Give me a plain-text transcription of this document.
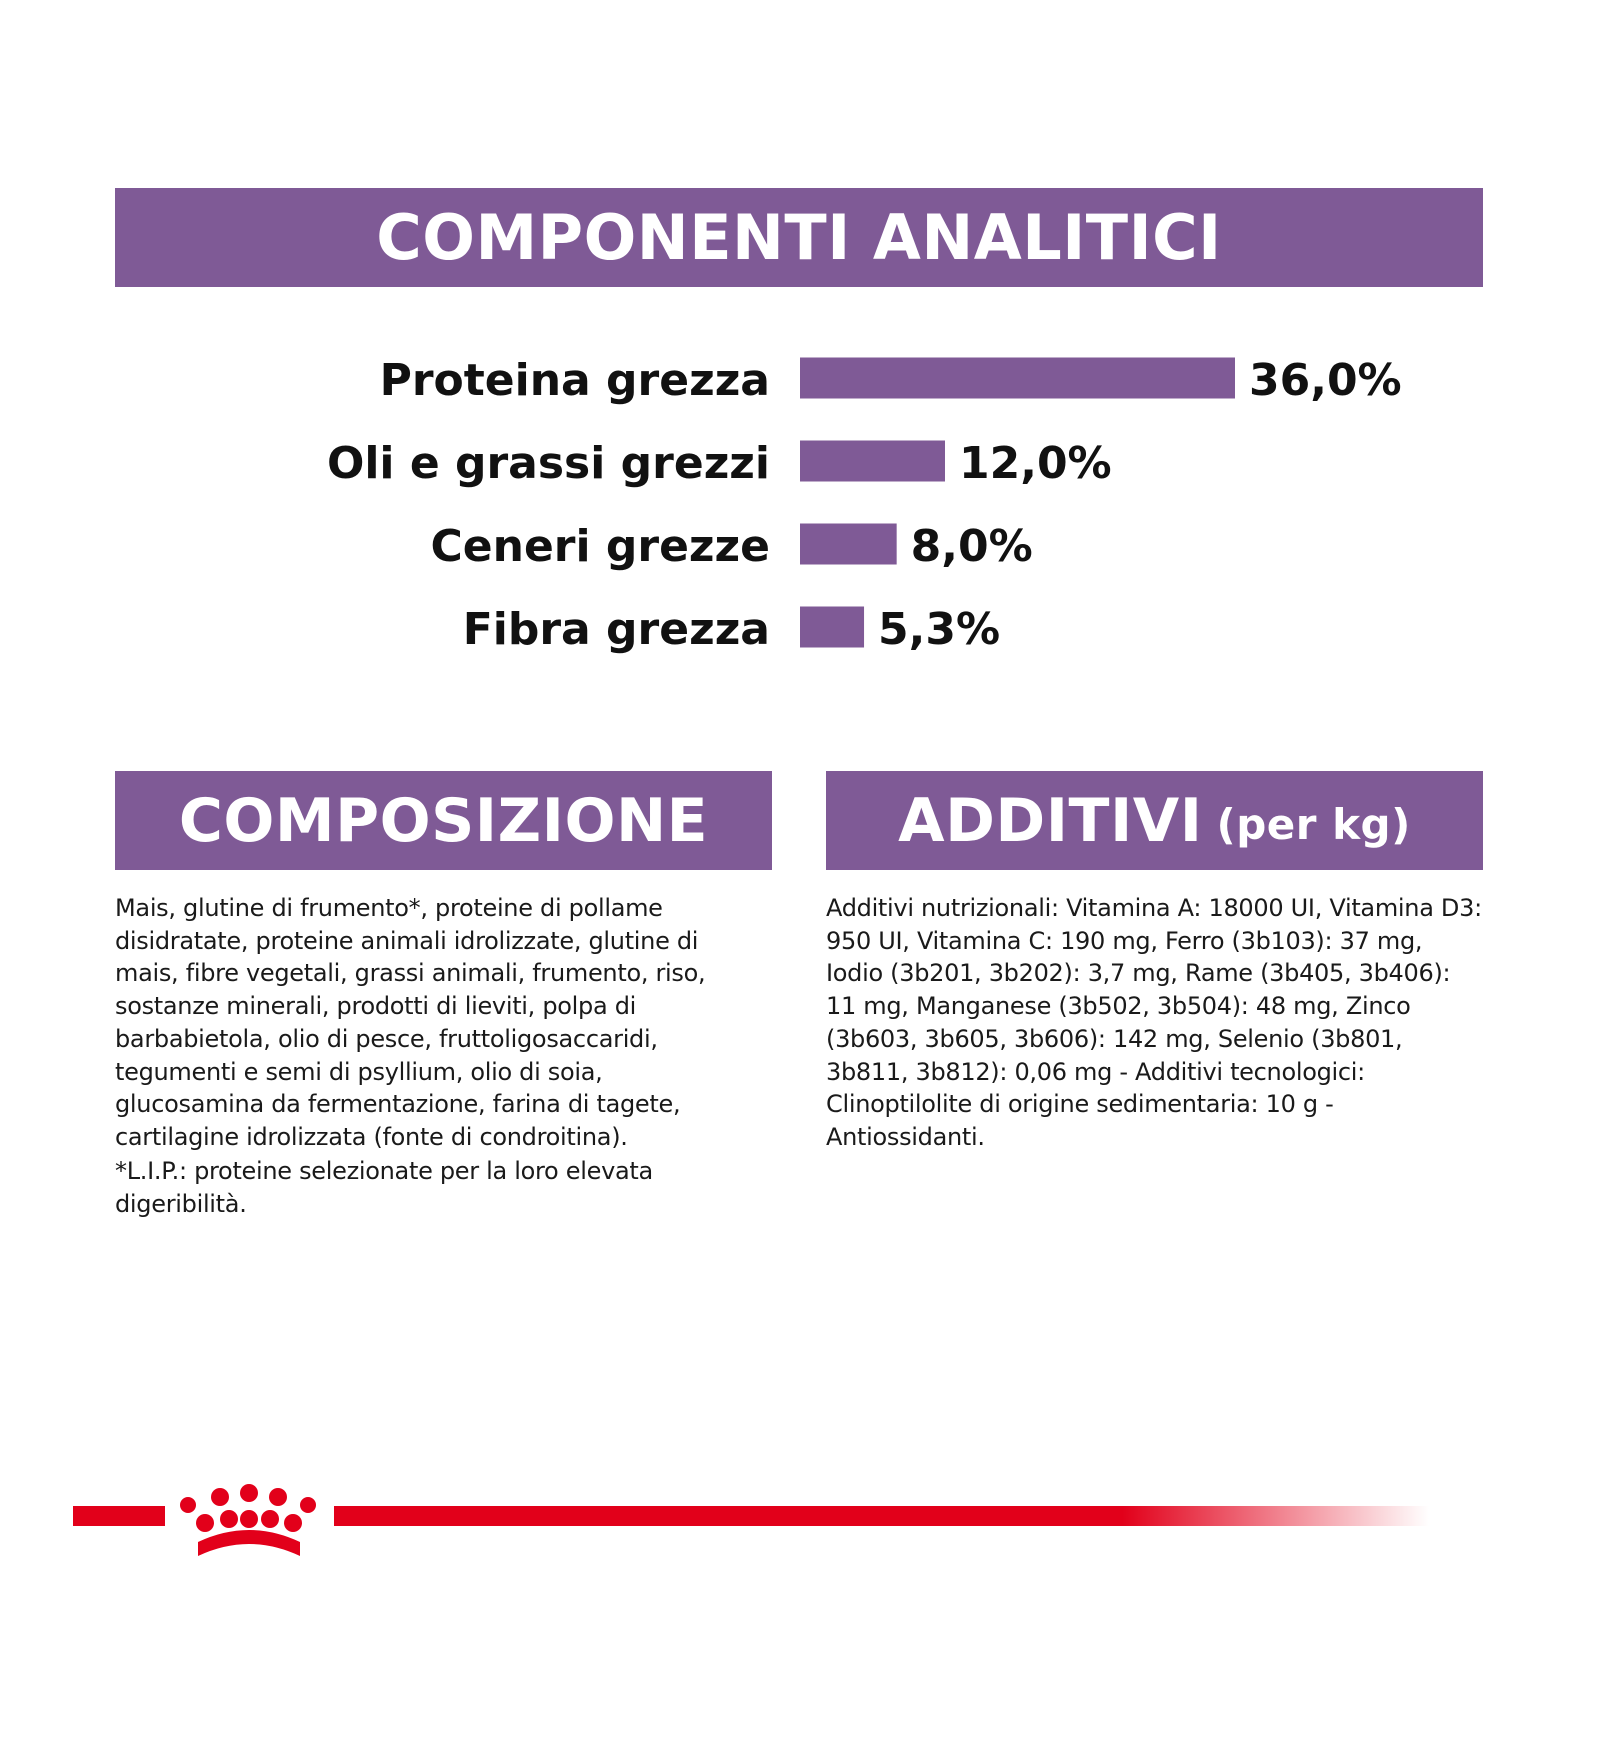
COMPONENTI ANALITICI
Proteina grezza	36,0%
Oli e grassi grezzi	12,0%
Ceneri grezze	8,0%
Fibra grezza 5,3%
COMPOSIZIONE	ADDITIVI (per kg)
Mais, glutine di frumento*, proteine di pollame disidratate, proteine animali idrolizzate, glutine di mais, fibre vegetali, grassi animali, frumento, riso, sostanze minerali, prodotti di lieviti, polpa di barbabietola, olio di pesce, fruttoligosaccaridi, tegumenti e semi di psyllium, olio di soia, glucosamina da fermentazione, farina di tagete, cartilagine idrolizzata (fonte di condroitina).
*L.I.P.: proteine selezionate per la loro elevata digeribilità.
Additivi nutrizionali: Vitamina A: 18000 UI, Vitamina D3: 950 UI, Vitamina C: 190 mg, Ferro (3b103): 37 mg, Iodio (3b201, 3b202): 3,7 mg, Rame (3b405, 3b406): 11 mg, Manganese (3b502, 3b504): 48 mg, Zinco (3b603, 3b605, 3b606): 142 mg, Selenio (3b801, 3b811, 3b812): 0,06 mg - Additivi tecnologici: Clinoptilolite di origine sedimentaria: 10 g - Antiossidanti.
